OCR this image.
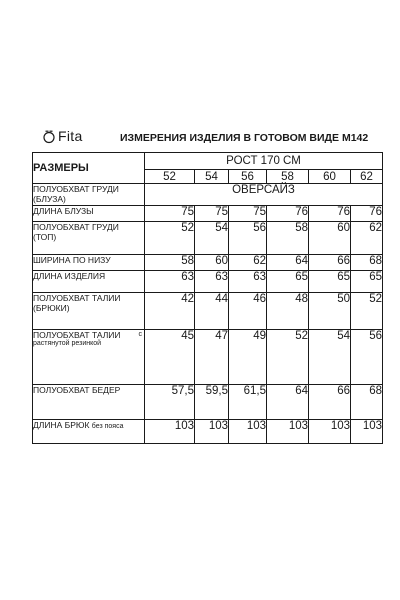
Fita	ИЗМЕРЕНИЯ ИЗДЕЛИЯ В ГОТОВОМ ВИДЕ М142
РАЗМЕРЫ	РОСТ 170 СМ					
	52	54	56	58	60	62
ПОЛУОБХВАТ ГРУДИ (БЛУЗА)	ОВЕРСАЙЗ					
ДЛИНА БЛУЗЫ	75	75	75	76	76	76
ПОЛУОБХВАТ ГРУДИ (ТОП)	52	54	56	58	60	62
ШИРИНА ПО НИЗУ	58	60	62	64	66	68
ДЛИНА ИЗДЕЛИЯ	63	63	63	65	65	65
ПОЛУОБХВАТ ТАЛИИ (БРЮКИ)	42	44	46	48	50	52

с
ПОЛУОБХВАТ ТАЛИИ
растянутой резинкой	45	47	49	52	54	56
ПОЛУОБХВАТ БЕДЕР	57,5	59,5	61,5	64	66	68
ДЛИНА БРЮК без пояса	103	103	103	103	103	103
